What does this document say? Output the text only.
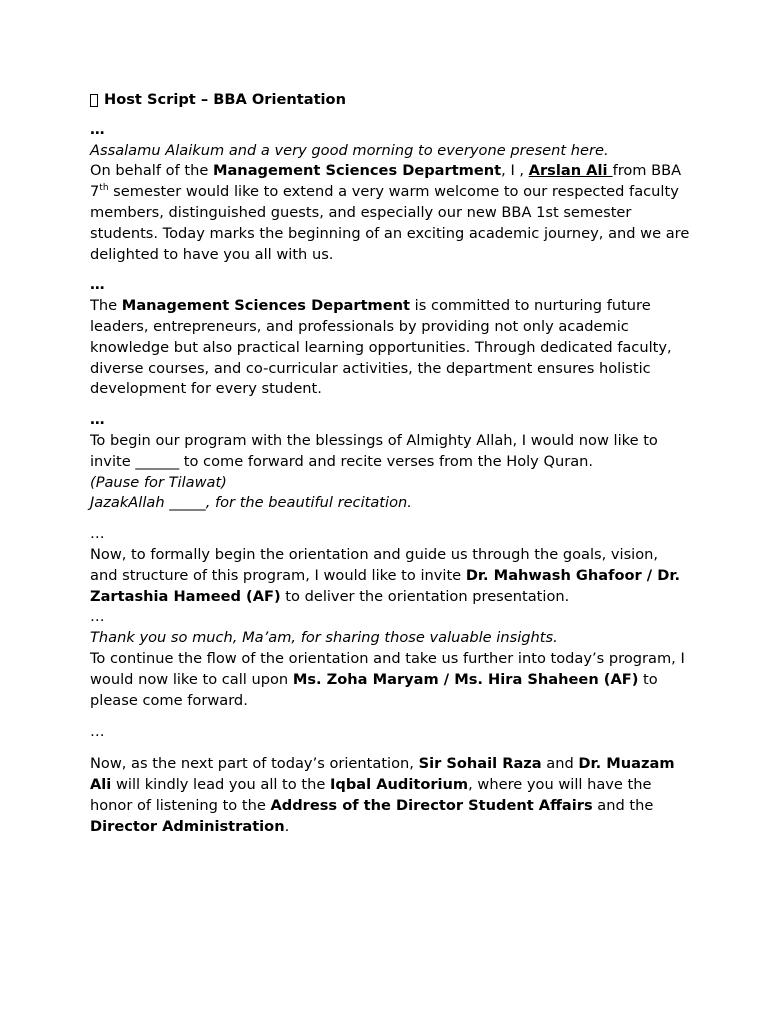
Host Script – BBA Orientation

…

Assalamu Alaikum and a very good morning to everyone present here.
On behalf of the Management Sciences Department, I , Arslan Ali from BBA 7th semester would like to extend a very warm welcome to our respected faculty members, distinguished guests, and especially our new BBA 1st semester students. Today marks the beginning of an exciting academic journey, and we are delighted to have you all with us.

…

The Management Sciences Department is committed to nurturing future leaders, entrepreneurs, and professionals by providing not only academic knowledge but also practical learning opportunities. Through dedicated faculty, diverse courses, and co-curricular activities, the department ensures holistic development for every student.

…

To begin our program with the blessings of Almighty Allah, I would now like to invite ______ to come forward and recite verses from the Holy Quran.
(Pause for Tilawat)
JazakAllah _____, for the beautiful recitation.

…

Now, to formally begin the orientation and guide us through the goals, vision, and structure of this program, I would like to invite Dr. Mahwash Ghafoor / Dr. Zartashia Hameed (AF) to deliver the orientation presentation.

…

Thank you so much, Ma’am, for sharing those valuable insights.
To continue the flow of the orientation and take us further into today’s program, I would now like to call upon Ms. Zoha Maryam / Ms. Hira Shaheen (AF) to please come forward.

…

Now, as the next part of today’s orientation, Sir Sohail Raza and Dr. Muazam Ali will kindly lead you all to the Iqbal Auditorium, where you will have the honor of listening to the Address of the Director Student Affairs and the Director Administration.
